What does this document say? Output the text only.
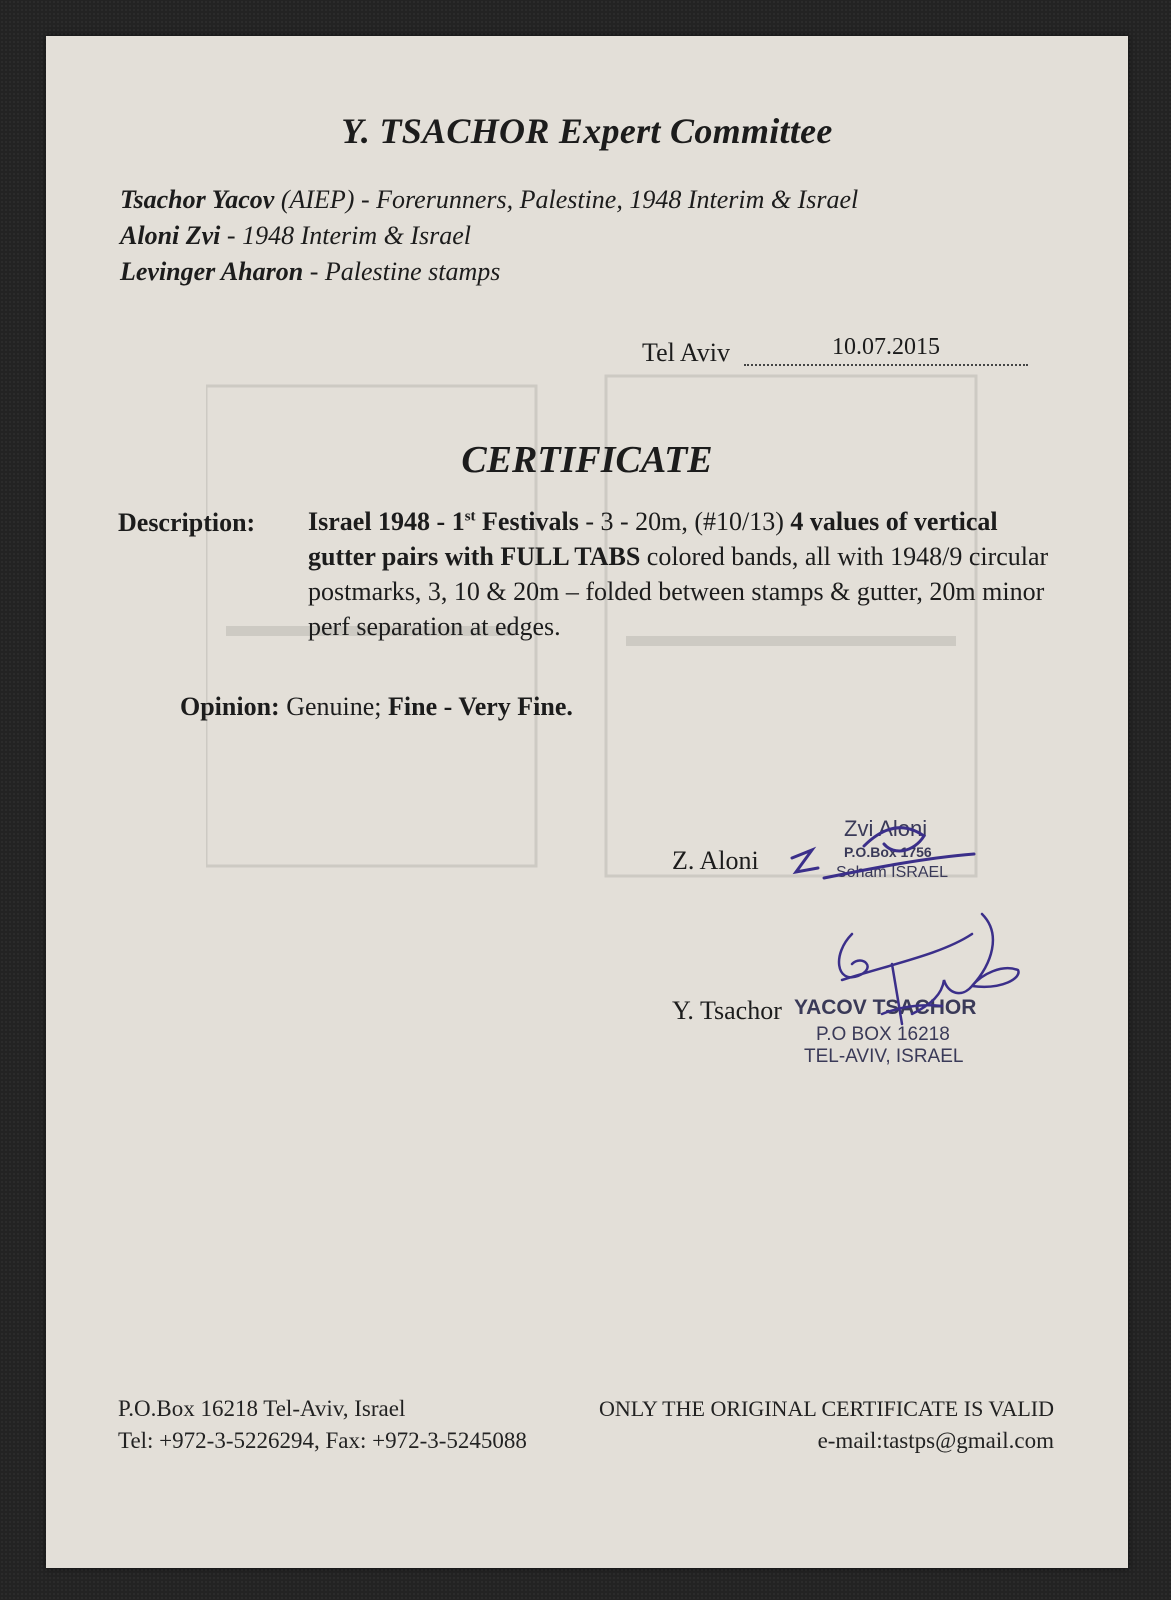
Y. TSACHOR Expert Committee
Tsachor Yacov (AIEP) - Forerunners, Palestine, 1948 Interim & Israel
Aloni Zvi - 1948 Interim & Israel
Levinger Aharon - Palestine stamps
Tel Aviv	10.07.2015
CERTIFICATE
Description:	Israel 1948 - 1st Festivals - 3 - 20m, (#10/13) 4 values of vertical gutter pairs with FULL TABS colored bands, all with 1948/9 circular postmarks, 3, 10 & 20m – folded between stamps & gutter, 20m minor perf separation at edges.
Opinion: Genuine; Fine - Very Fine.
Z. Aloni
Zvi Aloni
P.O.Box 1756
Soham ISRAEL
Y. Tsachor YACOV TSACHOR
P.O BOX 16218
TEL-AVIV, ISRAEL
P.O.Box 16218 Tel-Aviv, Israel
Tel: +972-3-5226294, Fax: +972-3-5245088
ONLY THE ORIGINAL CERTIFICATE IS VALID
e-mail:tastps@gmail.com
